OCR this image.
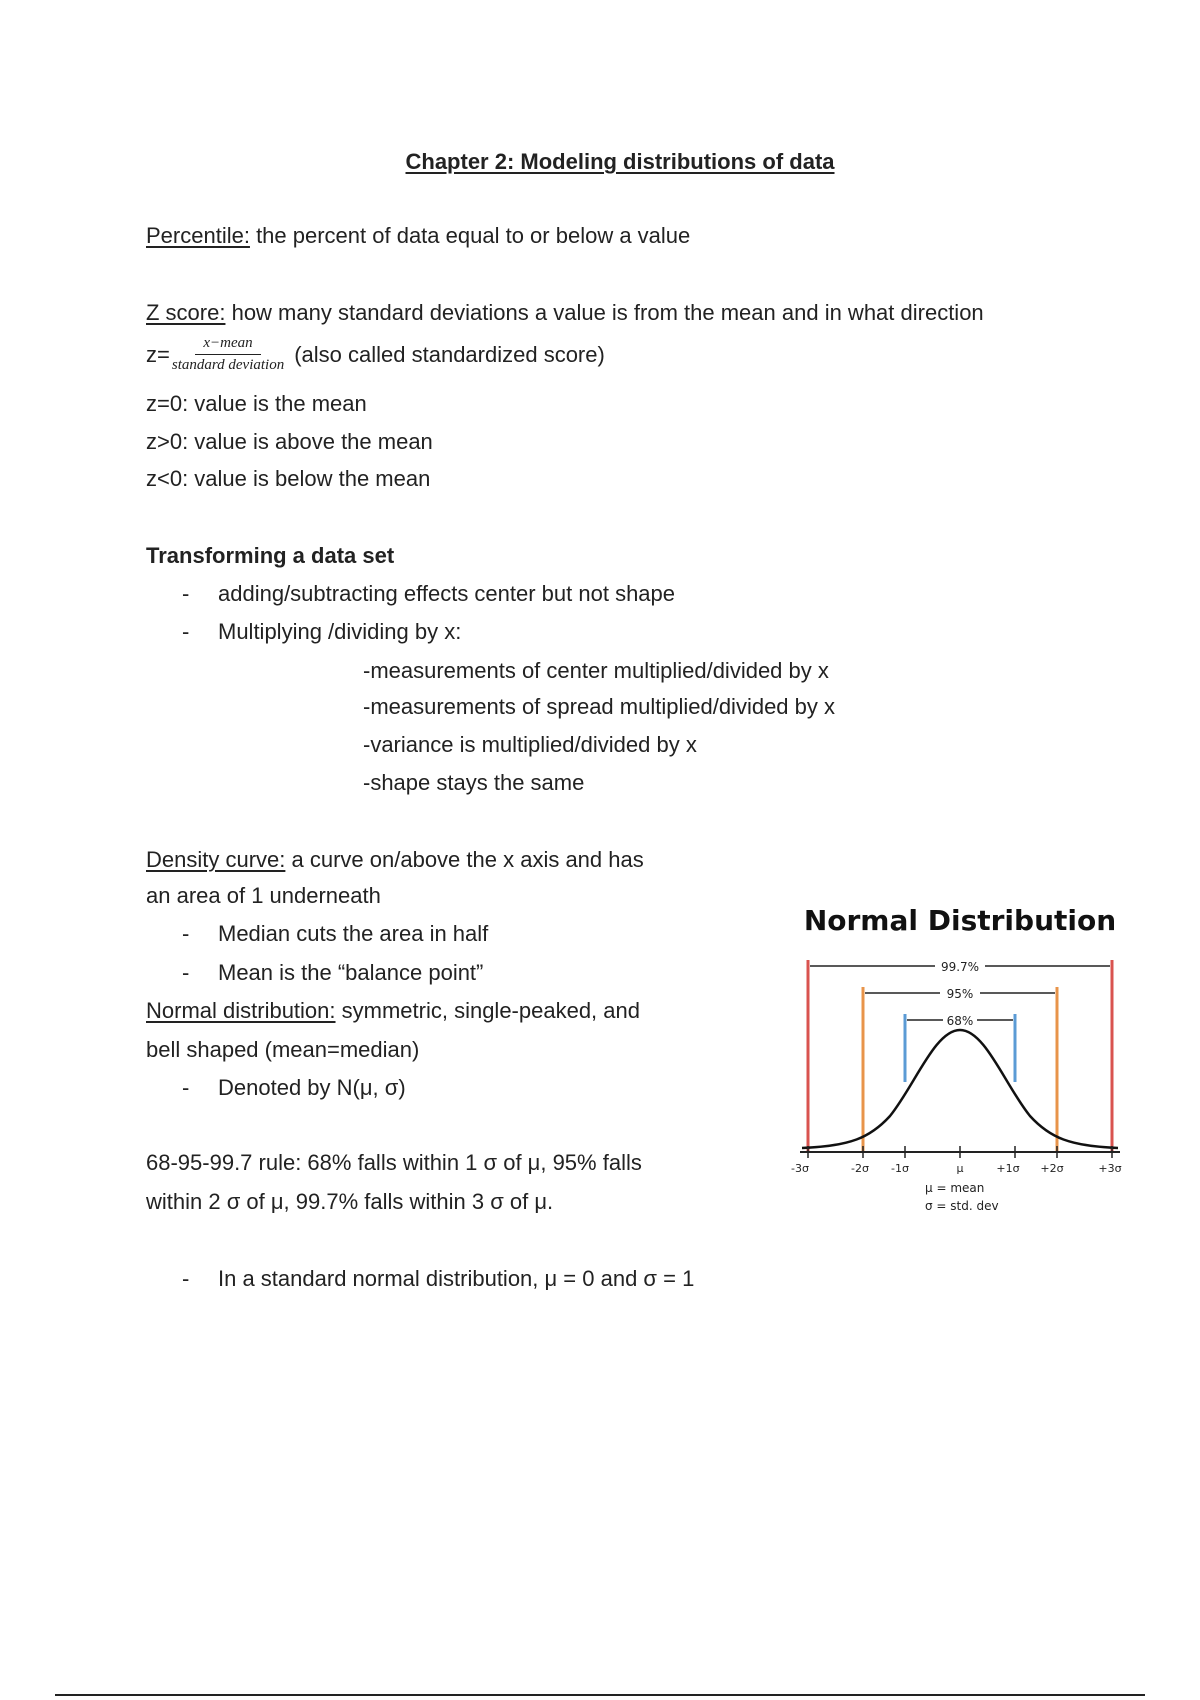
Chapter 2: Modeling distributions of data
Percentile: the percent of data equal to or below a value
Z score: how many standard deviations a value is from the mean and in what direction
$z= \frac{\text{x−mean}}{\text{standard deviation}}$ (also called standardized score)
z=0: value is the mean
z>0: value is above the mean
z<0: value is below the mean
Transforming a data set
- adding/subtracting effects center but not shape
- Multiplying /dividing by x:
-measurements of center multiplied/divided by x
-measurements of spread multiplied/divided by x
-variance is multiplied/divided by x
-shape stays the same
Density curve: a curve on/above the x axis and has
an area of 1 underneath
- Median cuts the area in half
- Mean is the “balance point”
Normal distribution: symmetric, single-peaked, and
bell shaped (mean=median)
- Denoted by N(μ, σ)
68-95-99.7 rule: 68% falls within 1 σ of μ, 95% falls
within 2 σ of μ, 99.7% falls within 3 σ of μ.
- In a standard normal distribution, μ = 0 and σ = 1
Normal Distribution
99.7%
95%
68%
-3σ	-2σ -1σ	μ	+1σ +2σ	+3σ
μ = mean
σ = std. dev
